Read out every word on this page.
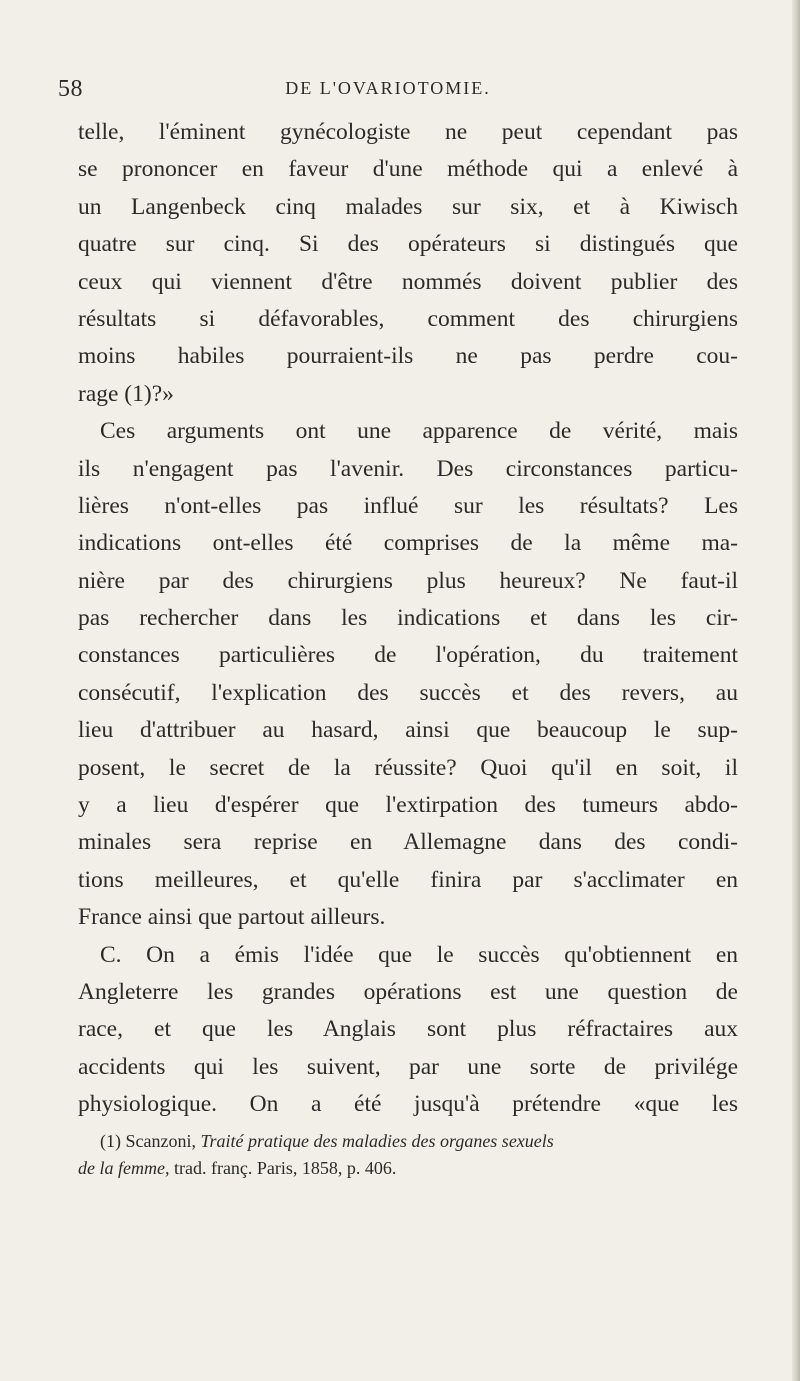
58	DE L'OVARIOTOMIE.
telle, l'éminent gynécologiste ne peut cependant pas
se prononcer en faveur d'une méthode qui a enlevé à
un Langenbeck cinq malades sur six, et à Kiwisch
quatre sur cinq. Si des opérateurs si distingués que
ceux qui viennent d'être nommés doivent publier des
résultats si défavorables, comment des chirurgiens
moins habiles pourraient-ils ne pas perdre cou-
rage (1)?»
Ces arguments ont une apparence de vérité, mais
ils n'engagent pas l'avenir. Des circonstances particu-
lières n'ont-elles pas influé sur les résultats? Les
indications ont-elles été comprises de la même ma-
nière par des chirurgiens plus heureux? Ne faut-il
pas rechercher dans les indications et dans les cir-
constances particulières de l'opération, du traitement
consécutif, l'explication des succès et des revers, au
lieu d'attribuer au hasard, ainsi que beaucoup le sup-
posent, le secret de la réussite? Quoi qu'il en soit, il
y a lieu d'espérer que l'extirpation des tumeurs abdo-
minales sera reprise en Allemagne dans des condi-
tions meilleures, et qu'elle finira par s'acclimater en
France ainsi que partout ailleurs.
C. On a émis l'idée que le succès qu'obtiennent en
Angleterre les grandes opérations est une question de
race, et que les Anglais sont plus réfractaires aux
accidents qui les suivent, par une sorte de privilége
physiologique. On a été jusqu'à prétendre «que les
(1) Scanzoni, Traité pratique des maladies des organes sexuels
de la femme, trad. franç. Paris, 1858, p. 406.
